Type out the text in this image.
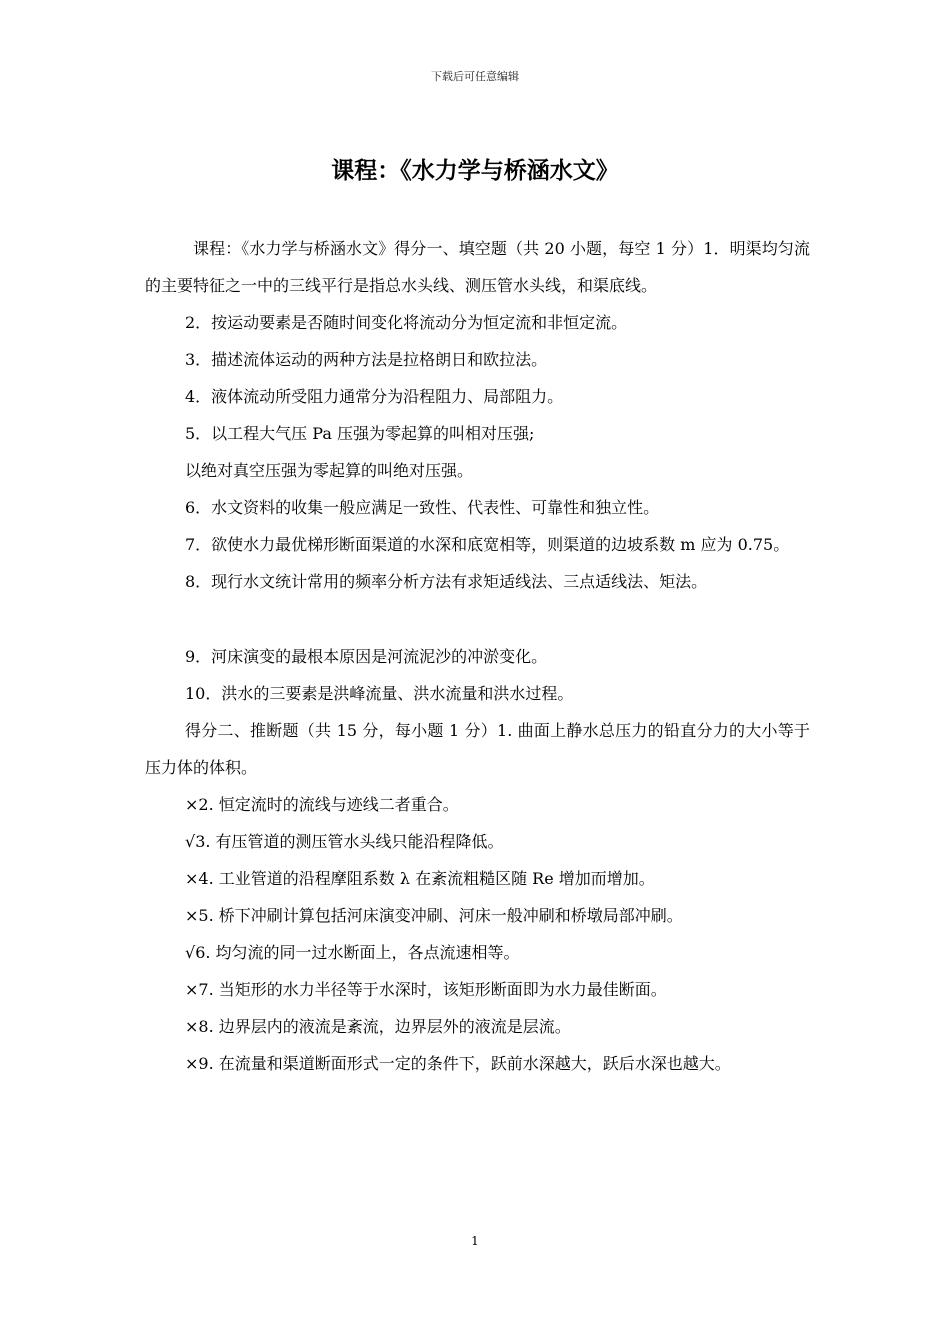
下载后可任意编辑
课程：《水力学与桥涵水文》

课程：《水力学与桥涵水文》得分一、填空题（共 20 小题，每空 1 分）1．明渠均匀流的主要特征之一中的三线平行是指总水头线、测压管水头线，和渠底线。

2．按运动要素是否随时间变化将流动分为恒定流和非恒定流。

3．描述流体运动的两种方法是拉格朗日和欧拉法。

4．液体流动所受阻力通常分为沿程阻力、局部阻力。

5．以工程大气压 Pa 压强为零起算的叫相对压强;

以绝对真空压强为零起算的叫绝对压强。

6．水文资料的收集一般应满足一致性、代表性、可靠性和独立性。

7．欲使水力最优梯形断面渠道的水深和底宽相等，则渠道的边坡系数 m 应为 0.75。

8．现行水文统计常用的频率分析方法有求矩适线法、三点适线法、矩法。

9．河床演变的最根本原因是河流泥沙的冲淤变化。

10．洪水的三要素是洪峰流量、洪水流量和洪水过程。

得分二、推断题（共 15 分，每小题 1 分）1. 曲面上静水总压力的铅直分力的大小等于压力体的体积。

×2. 恒定流时的流线与迹线二者重合。

√3. 有压管道的测压管水头线只能沿程降低。

×4. 工业管道的沿程摩阻系数 λ 在紊流粗糙区随 Re 增加而增加。

×5. 桥下冲刷计算包括河床演变冲刷、河床一般冲刷和桥墩局部冲刷。

√6. 均匀流的同一过水断面上，各点流速相等。

×7. 当矩形的水力半径等于水深时，该矩形断面即为水力最佳断面。

×8. 边界层内的液流是紊流，边界层外的液流是层流。

×9. 在流量和渠道断面形式一定的条件下，跃前水深越大，跃后水深也越大。

1
